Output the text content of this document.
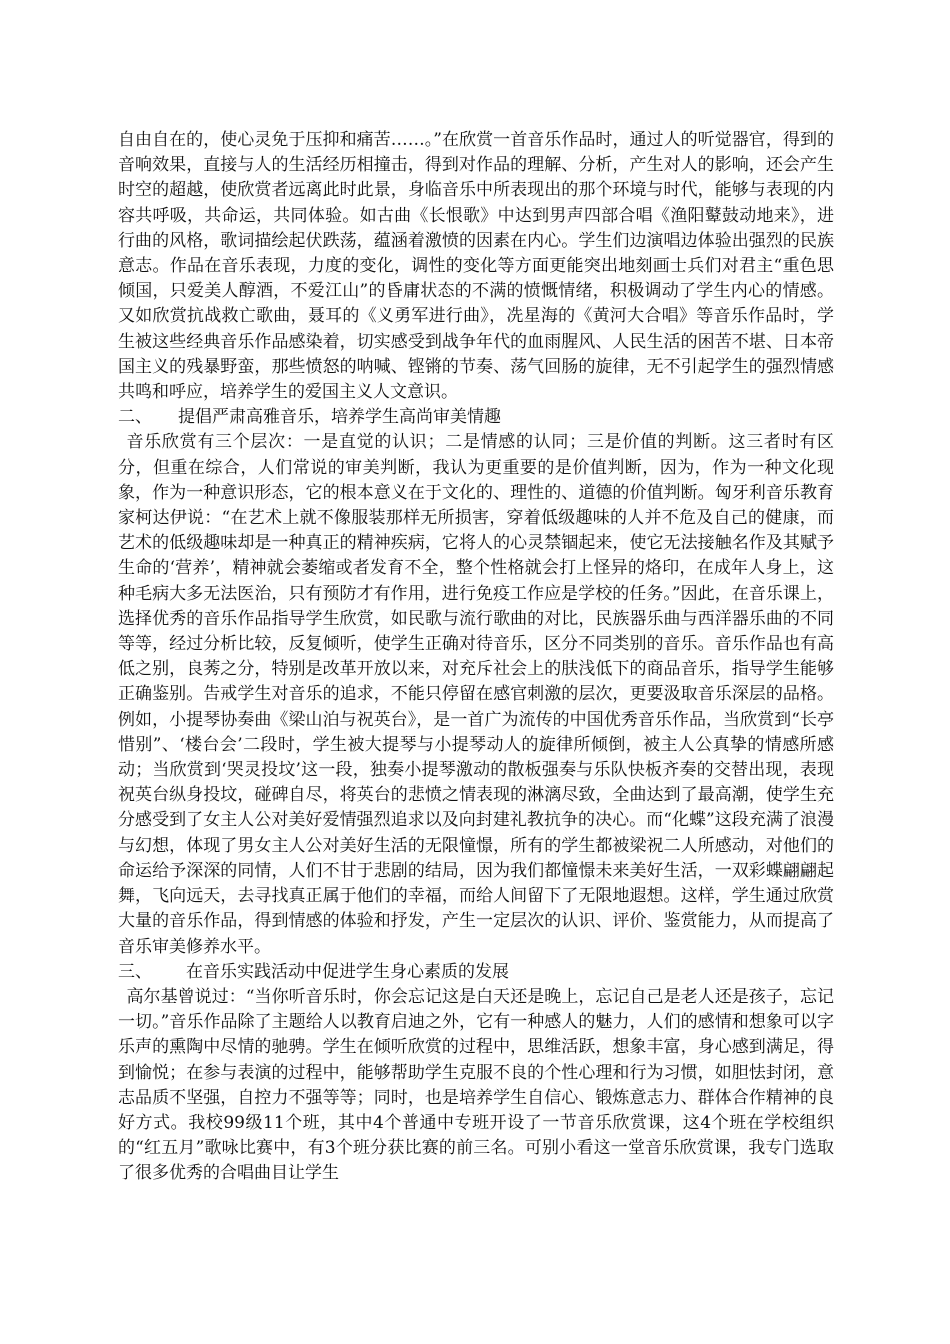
自由自在的，使心灵免于压抑和痛苦……。”在欣赏一首音乐作品时，通过人的听觉器官，得到的音响效果，直接与人的生活经历相撞击，得到对作品的理解、分析，产生对人的影响，还会产生时空的超越，使欣赏者远离此时此景，身临音乐中所表现出的那个环境与时代，能够与表现的内容共呼吸，共命运，共同体验。如古曲《长恨歌》中达到男声四部合唱《渔阳鼙鼓动地来》，进行曲的风格，歌词描绘起伏跌荡，蕴涵着激愤的因素在内心。学生们边演唱边体验出强烈的民族意志。作品在音乐表现，力度的变化，调性的变化等方面更能突出地刻画士兵们对君主“重色思倾国，只爱美人醇酒，不爱江山”的昏庸状态的不满的愤慨情绪，积极调动了学生内心的情感。又如欣赏抗战救亡歌曲，聂耳的《义勇军进行曲》，冼星海的《黄河大合唱》等音乐作品时，学生被这些经典音乐作品感染着，切实感受到战争年代的血雨腥风、人民生活的困苦不堪、日本帝国主义的残暴野蛮，那些愤怒的呐喊、铿锵的节奏、荡气回肠的旋律，无不引起学生的强烈情感共鸣和呼应，培养学生的爱国主义人文意识。

二、	提倡严肃高雅音乐，培养学生高尚审美情趣

音乐欣赏有三个层次：一是直觉的认识；二是情感的认同；三是价值的判断。这三者时有区分，但重在综合，人们常说的审美判断，我认为更重要的是价值判断，因为，作为一种文化现象，作为一种意识形态，它的根本意义在于文化的、理性的、道德的价值判断。匈牙利音乐教育家柯达伊说：“在艺术上就不像服装那样无所损害，穿着低级趣味的人并不危及自己的健康，而艺术的低级趣味却是一种真正的精神疾病，它将人的心灵禁锢起来，使它无法接触名作及其赋予生命的‘营养’，精神就会萎缩或者发育不全，整个性格就会打上怪异的烙印，在成年人身上，这种毛病大多无法医治，只有预防才有作用，进行免疫工作应是学校的任务。”因此，在音乐课上，选择优秀的音乐作品指导学生欣赏，如民歌与流行歌曲的对比，民族器乐曲与西洋器乐曲的不同等等，经过分析比较，反复倾听，使学生正确对待音乐，区分不同类别的音乐。音乐作品也有高低之别，良莠之分，特别是改革开放以来，对充斥社会上的肤浅低下的商品音乐，指导学生能够正确鉴别。告戒学生对音乐的追求，不能只停留在感官刺激的层次，更要汲取音乐深层的品格。例如，小提琴协奏曲《梁山泊与祝英台》，是一首广为流传的中国优秀音乐作品，当欣赏到“长亭惜别”、‘楼台会’二段时，学生被大提琴与小提琴动人的旋律所倾倒，被主人公真挚的情感所感动；当欣赏到‘哭灵投坟’这一段，独奏小提琴激动的散板强奏与乐队快板齐奏的交替出现，表现祝英台纵身投坟，碰碑自尽，将英台的悲愤之情表现的淋漓尽致，全曲达到了最高潮，使学生充分感受到了女主人公对美好爱情强烈追求以及向封建礼教抗争的决心。而“化蝶”这段充满了浪漫与幻想，体现了男女主人公对美好生活的无限憧憬，所有的学生都被梁祝二人所感动，对他们的命运给予深深的同情，人们不甘于悲剧的结局，因为我们都憧憬未来美好生活，一双彩蝶翩翩起舞，飞向远天，去寻找真正属于他们的幸福，而给人间留下了无限地遐想。这样，学生通过欣赏大量的音乐作品，得到情感的体验和抒发，产生一定层次的认识、评价、鉴赏能力，从而提高了音乐审美修养水平。

三、	在音乐实践活动中促进学生身心素质的发展

高尔基曾说过：“当你听音乐时，你会忘记这是白天还是晚上，忘记自己是老人还是孩子，忘记一切。”音乐作品除了主题给人以教育启迪之外，它有一种感人的魅力，人们的感情和想象可以字乐声的熏陶中尽情的驰骋。学生在倾听欣赏的过程中，思维活跃，想象丰富，身心感到满足，得到愉悦；在参与表演的过程中，能够帮助学生克服不良的个性心理和行为习惯，如胆怯封闭，意志品质不坚强，自控力不强等等；同时，也是培养学生自信心、锻炼意志力、群体合作精神的良好方式。我校99级11个班，其中4个普通中专班开设了一节音乐欣赏课，这4个班在学校组织的“红五月”歌咏比赛中，有3个班分获比赛的前三名。可别小看这一堂音乐欣赏课，我专门选取了很多优秀的合唱曲目让学生
